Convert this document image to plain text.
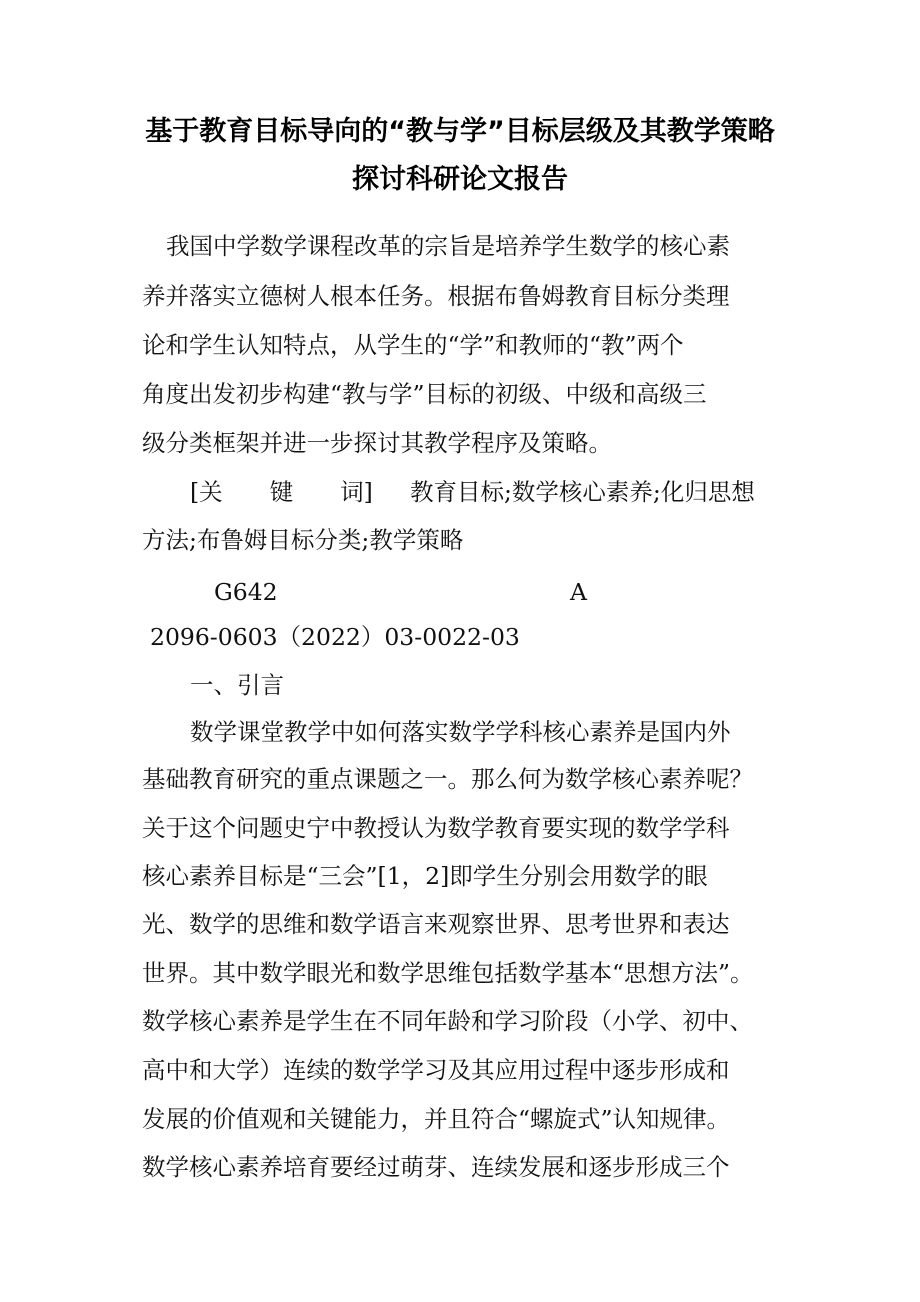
基于教育目标导向的“教与学”目标层级及其教学策略
探讨科研论文报告
我国中学数学课程改革的宗旨是培养学生数学的核心素
养并落实立德树人根本任务。根据布鲁姆教育目标分类理
论和学生认知特点，从学生的“学”和教师的“教”两个
角度出发初步构建“教与学”目标的初级、中级和高级三
级分类框架并进一步探讨其教学程序及策略。
[关　　键　　词] 教育目标;数学核心素养;化归思想
方法;布鲁姆目标分类;教学策略
G642	A
2096-0603（2022）03-0022-03
一、引言
数学课堂教学中如何落实数学学科核心素养是国内外
基础教育研究的重点课题之一。那么何为数学核心素养呢？
关于这个问题史宁中教授认为数学教育要实现的数学学科
核心素养目标是“三会”[1，2]即学生分别会用数学的眼
光、数学的思维和数学语言来观察世界、思考世界和表达
世界。其中数学眼光和数学思维包括数学基本“思想方法”。
数学核心素养是学生在不同年龄和学习阶段（小学、初中、
高中和大学）连续的数学学习及其应用过程中逐步形成和
发展的价值观和关键能力，并且符合“螺旋式”认知规律。
数学核心素养培育要经过萌芽、连续发展和逐步形成三个
